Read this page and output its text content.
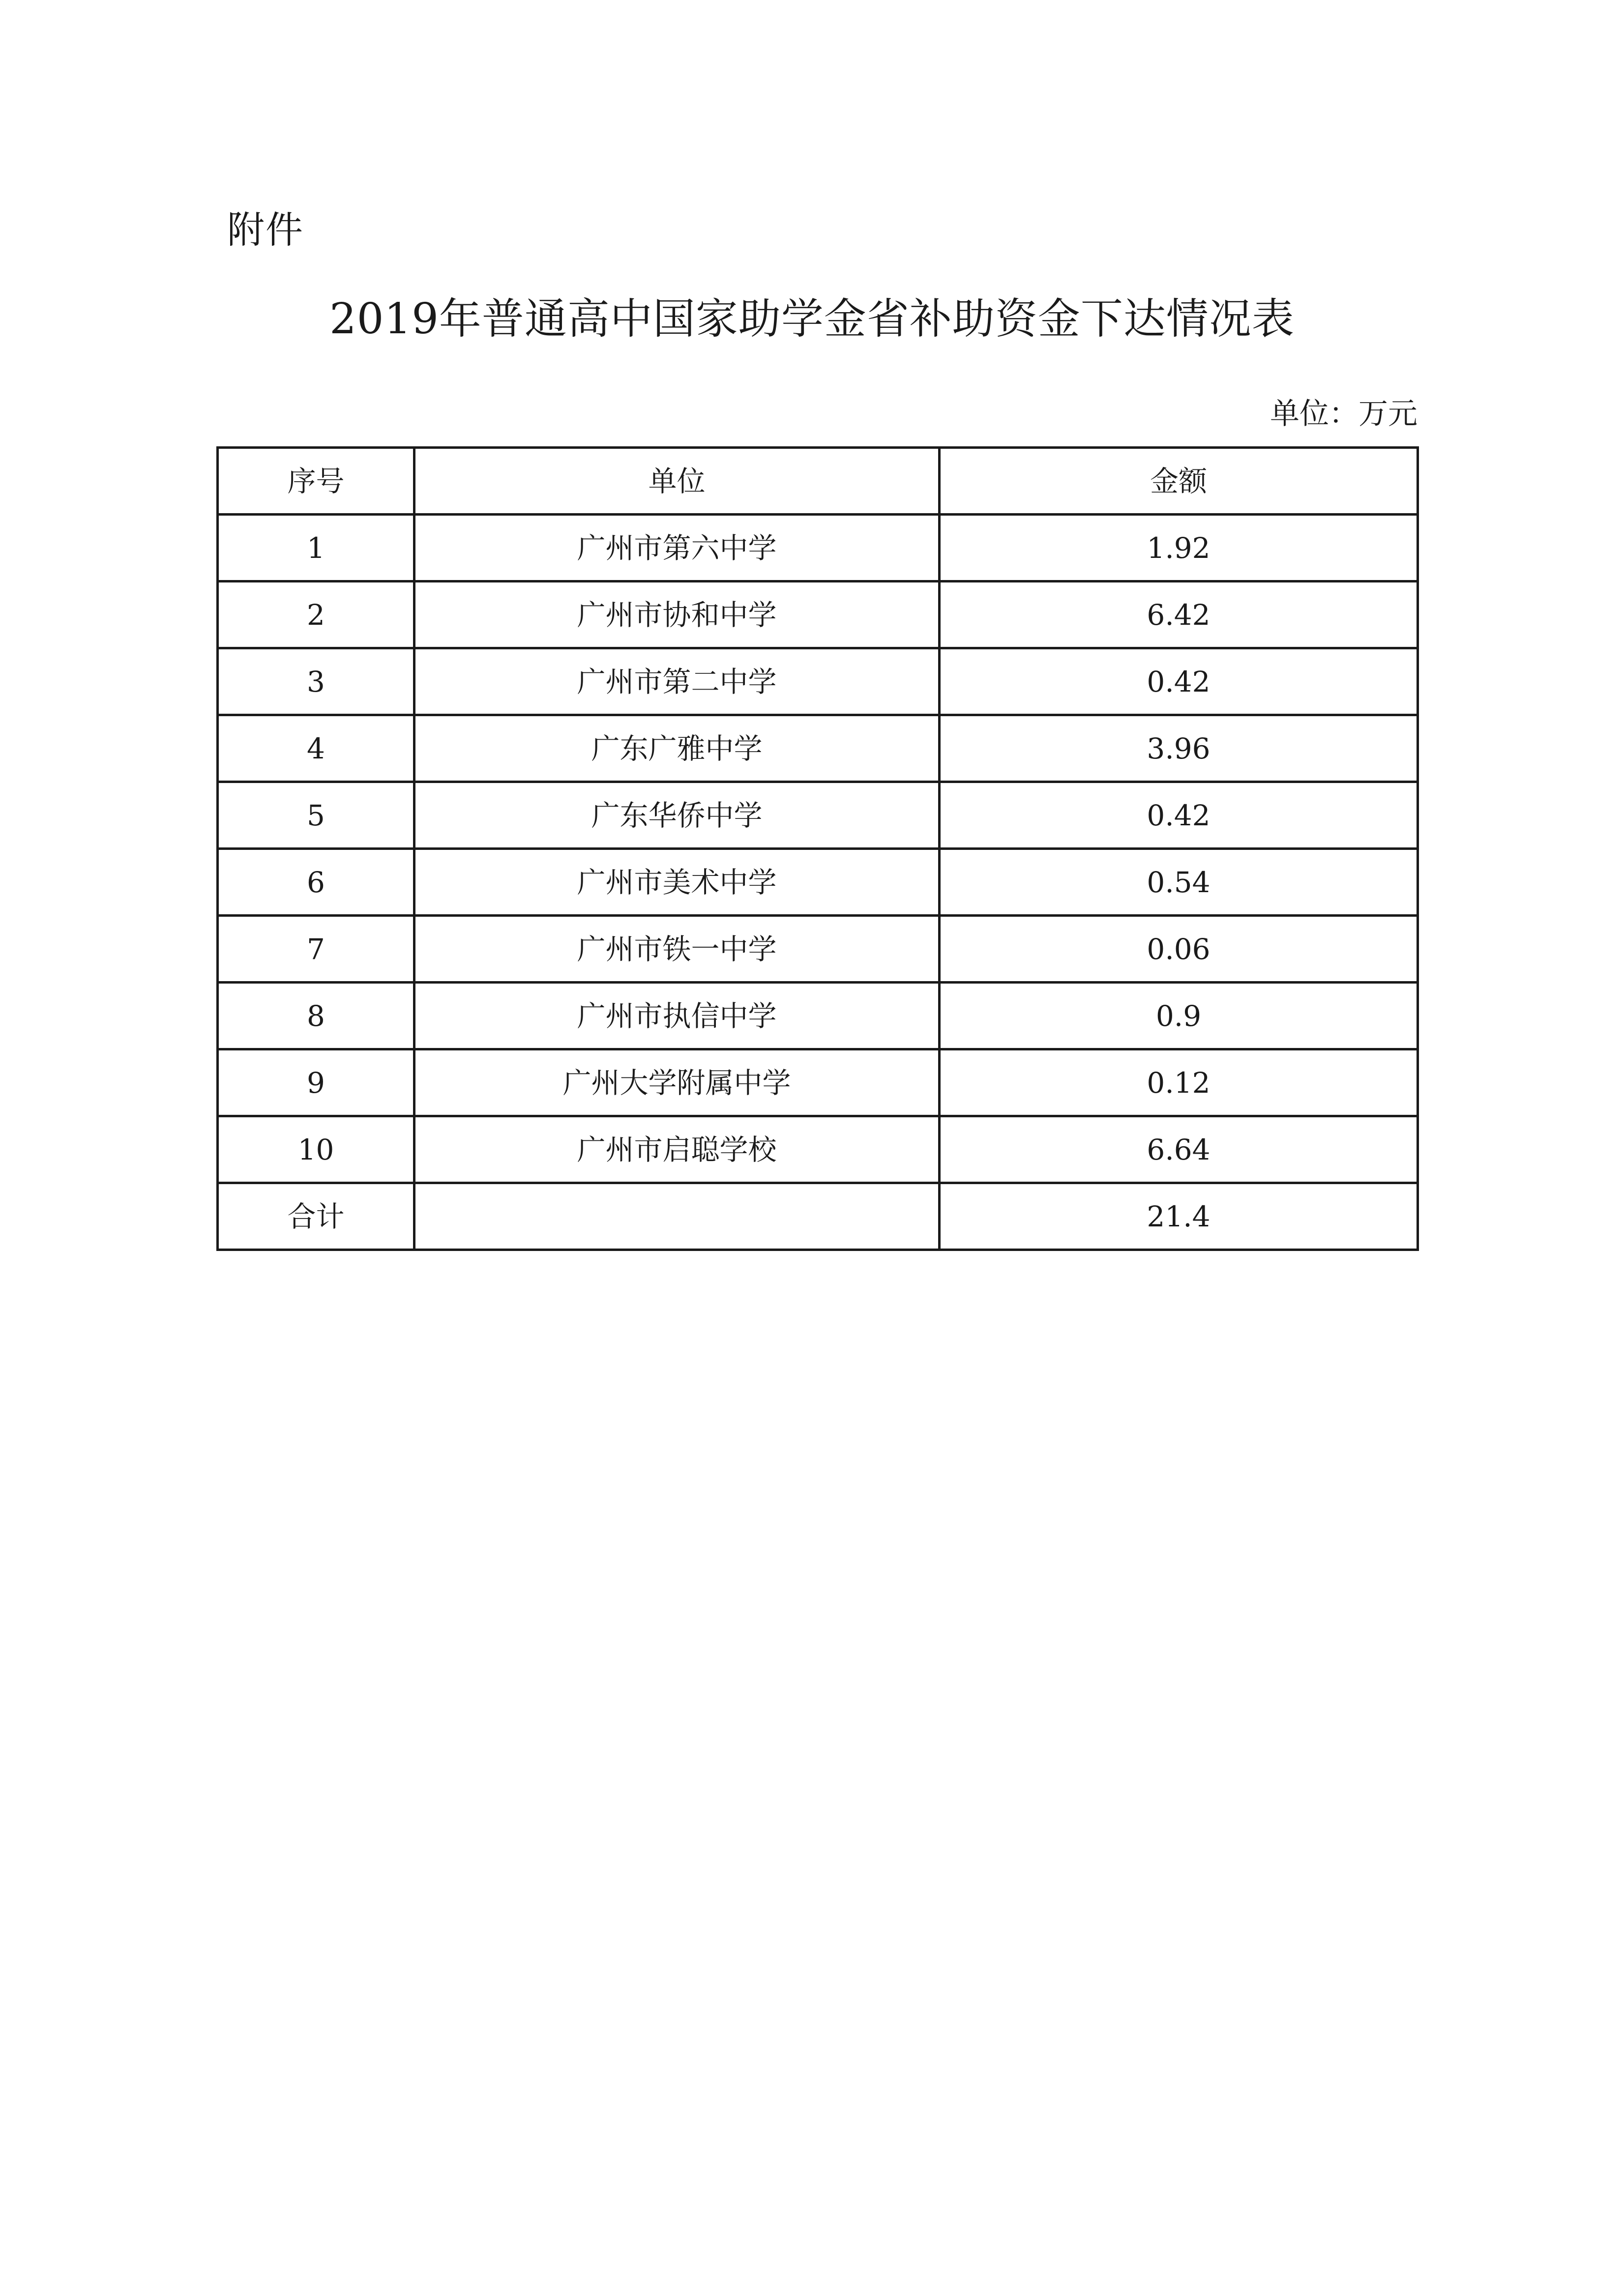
附件
2019年普通高中国家助学金省补助资金下达情况表
单位：万元
序号	单位	金额
1	广州市第六中学	1.92
2	广州市协和中学	6.42
3	广州市第二中学	0.42
4	广东广雅中学	3.96
5	广东华侨中学	0.42
6	广州市美术中学	0.54
7	广州市铁一中学	0.06
8	广州市执信中学	0.9
9	广州大学附属中学	0.12
10	广州市启聪学校	6.64
合计		21.4
